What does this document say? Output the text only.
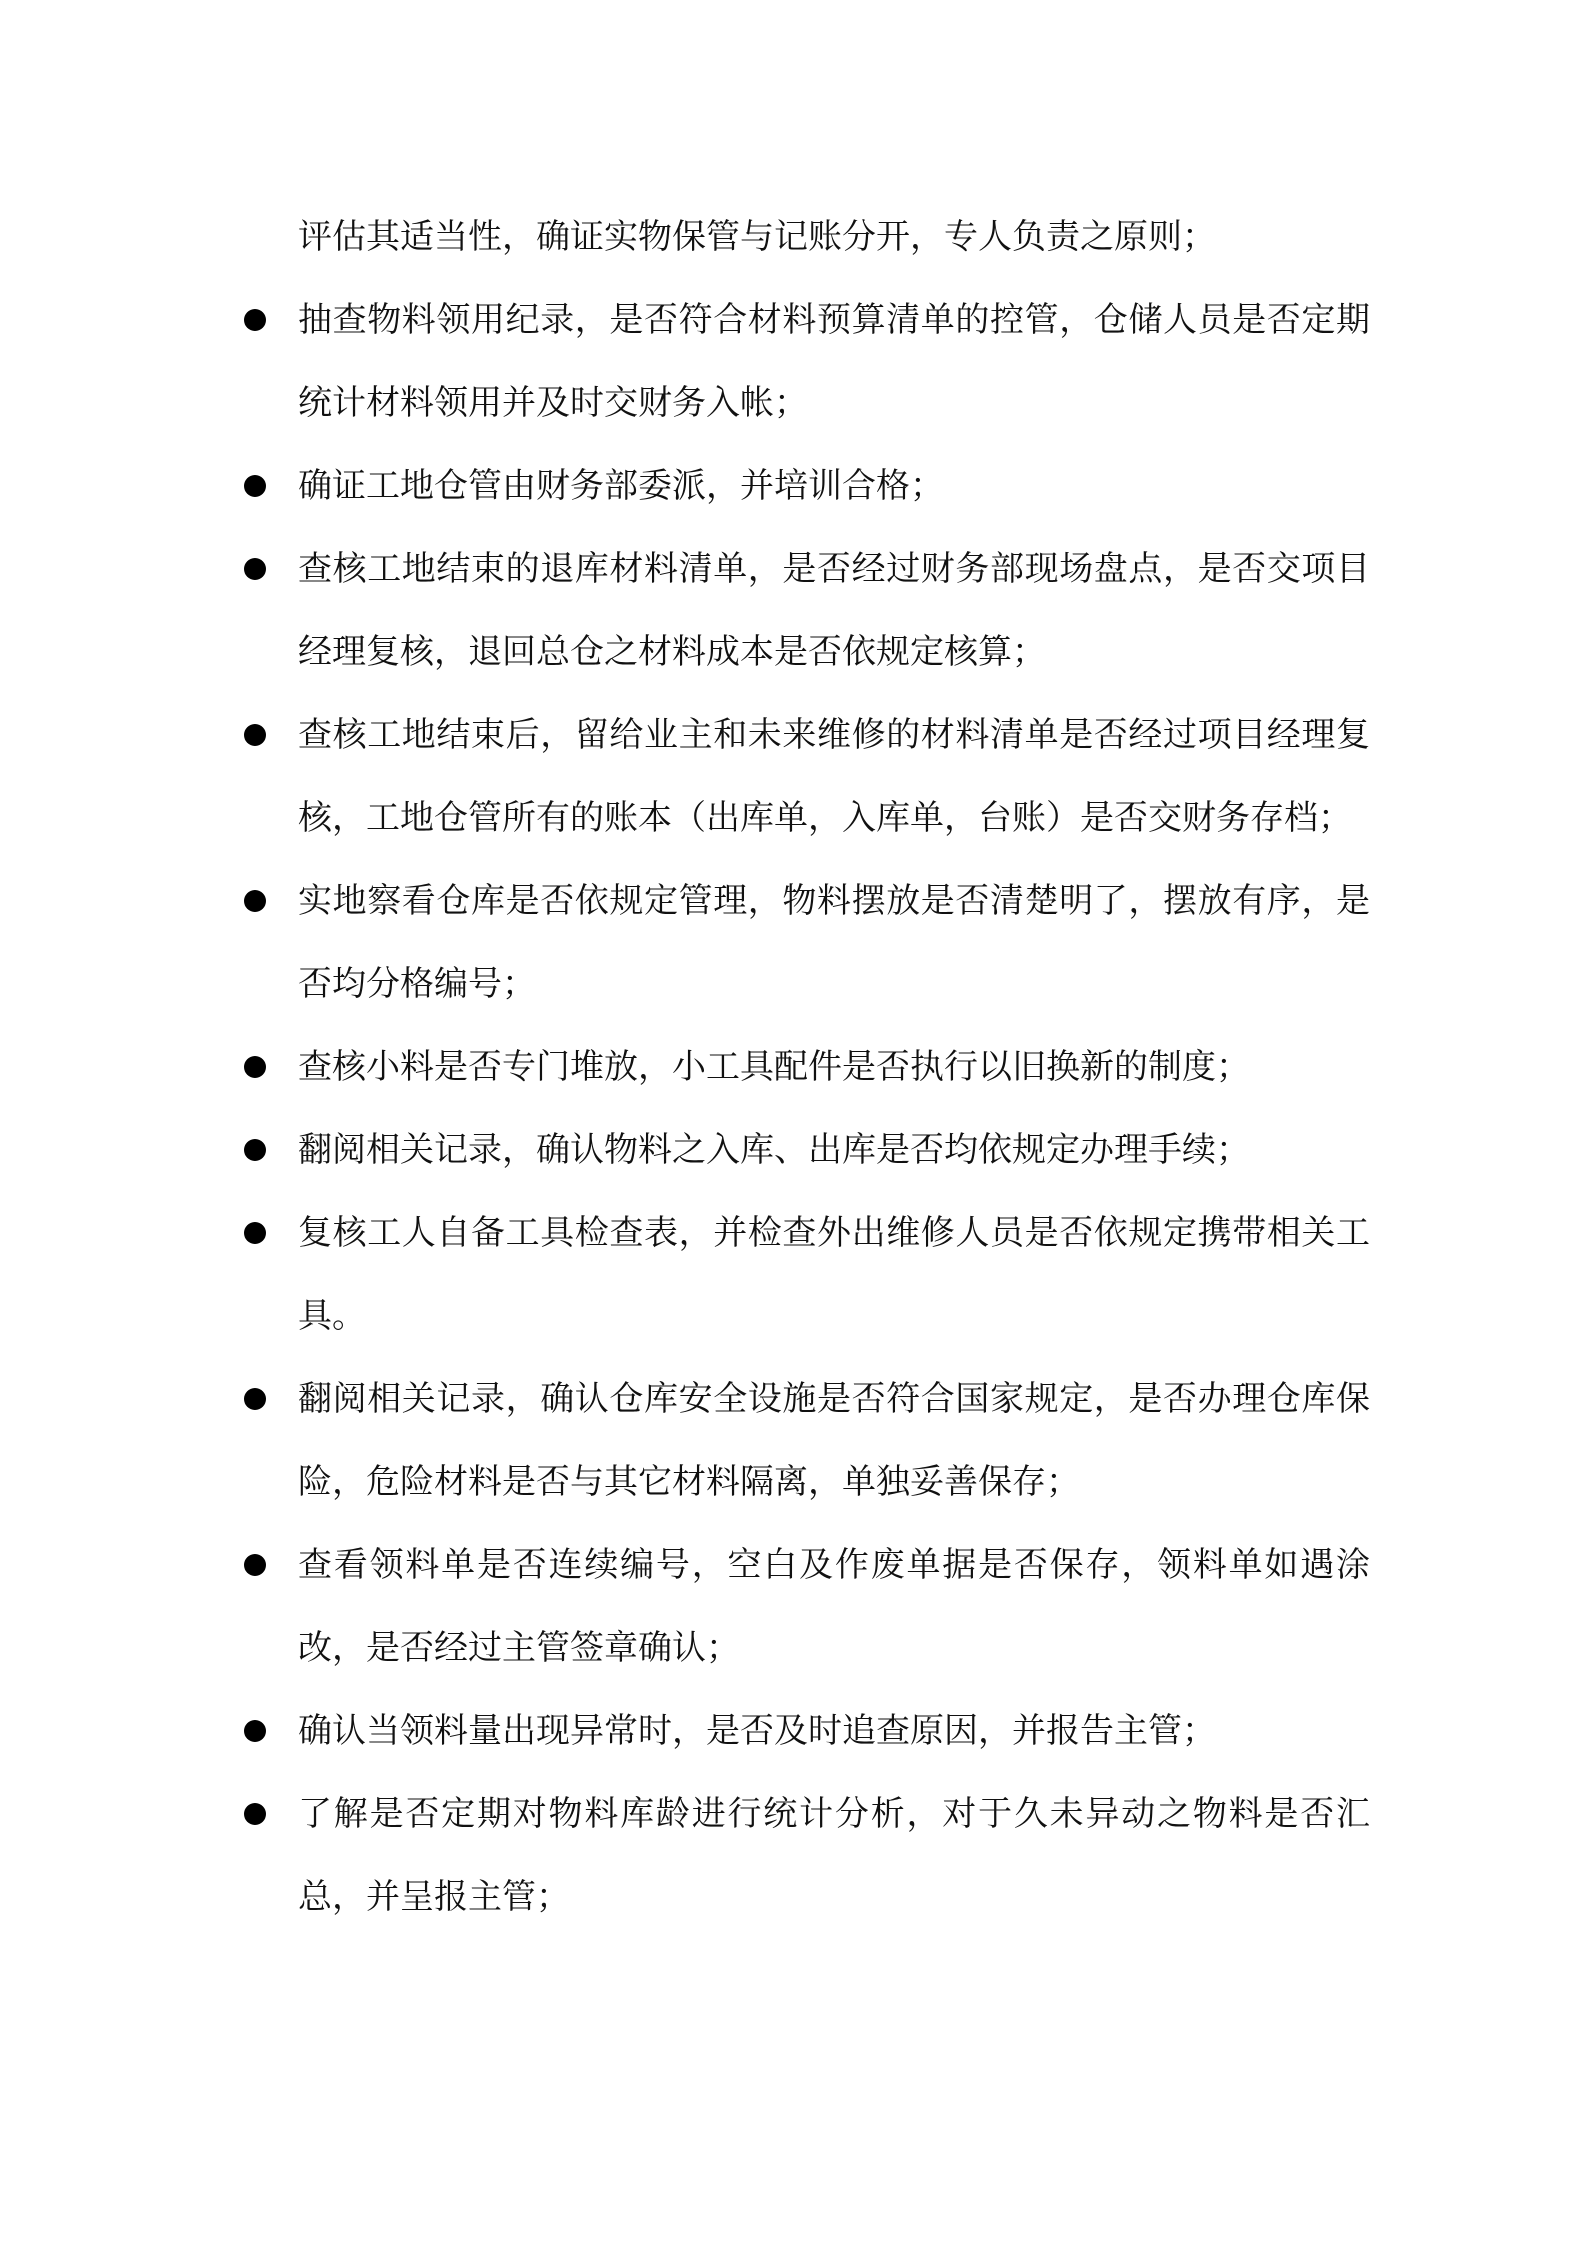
评估其适当性，确证实物保管与记账分开，专人负责之原则；

抽查物料领用纪录，是否符合材料预算清单的控管，仓储人员是否定期统计材料领用并及时交财务入帐；
确证工地仓管由财务部委派，并培训合格；
查核工地结束的退库材料清单，是否经过财务部现场盘点，是否交项目经理复核，退回总仓之材料成本是否依规定核算；
查核工地结束后，留给业主和未来维修的材料清单是否经过项目经理复核，工地仓管所有的账本（出库单，入库单，台账）是否交财务存档；
实地察看仓库是否依规定管理，物料摆放是否清楚明了，摆放有序，是否均分格编号；
查核小料是否专门堆放，小工具配件是否执行以旧换新的制度；
翻阅相关记录，确认物料之入库、出库是否均依规定办理手续；
复核工人自备工具检查表，并检查外出维修人员是否依规定携带相关工具。
翻阅相关记录，确认仓库安全设施是否符合国家规定，是否办理仓库保险，危险材料是否与其它材料隔离，单独妥善保存；
查看领料单是否连续编号，空白及作废单据是否保存，领料单如遇涂改，是否经过主管签章确认；
确认当领料量出现异常时，是否及时追查原因，并报告主管；
了解是否定期对物料库龄进行统计分析，对于久未异动之物料是否汇总，并呈报主管；
